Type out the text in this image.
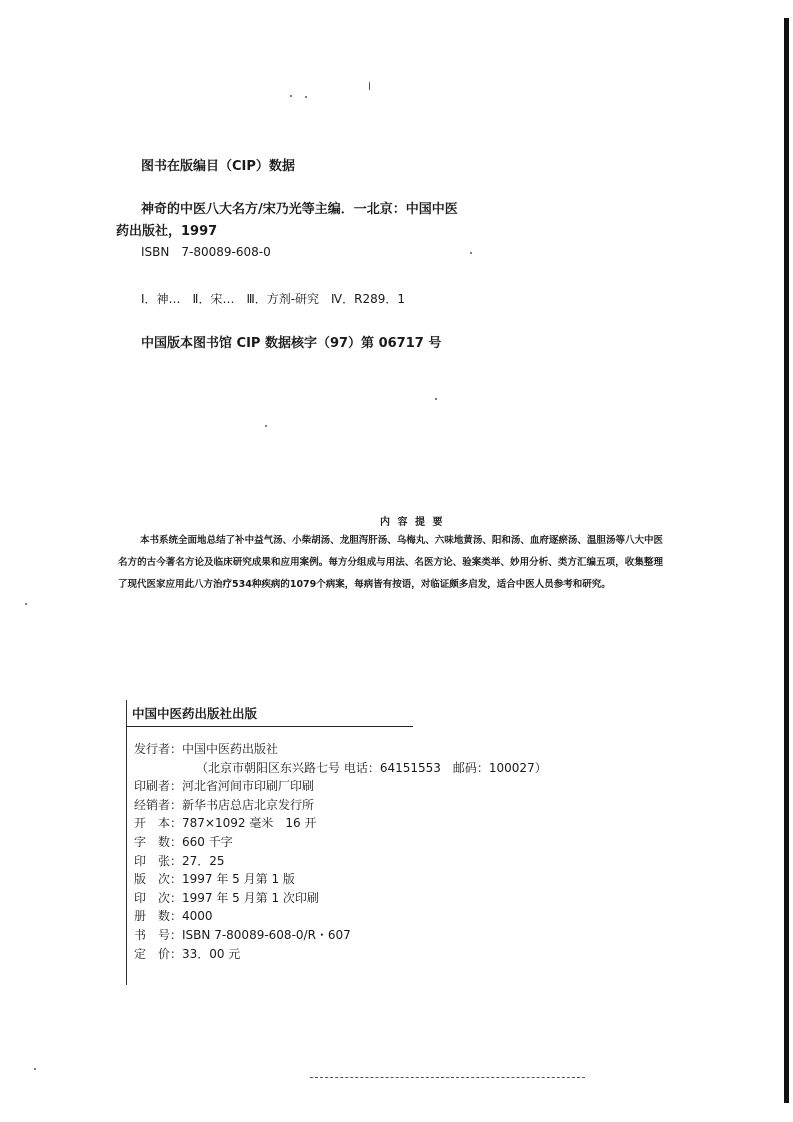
图书在版编目（CIP）数据
神奇的中医八大名方/宋乃光等主编．一北京：中国中医
药出版社，1997
ISBN　7-80089-608-0
Ⅰ．神…　Ⅱ．宋…　Ⅲ．方剂-研究　Ⅳ．R289．1
中国版本图书馆 CIP 数据核字（97）第 06717 号
内 容 提 要
本书系统全面地总结了补中益气汤、小柴胡汤、龙胆泻肝汤、乌梅丸、六味地黄汤、阳和汤、血府逐瘀汤、温胆汤等八大中医名方的古今著名方论及临床研究成果和应用案例。每方分组成与用法、名医方论、验案类举、妙用分析、类方汇编五项，收集整理了现代医家应用此八方治疗534种疾病的1079个病案，每病皆有按语，对临证颇多启发，适合中医人员参考和研究。
中国中医药出版社出版
发行者：中国中医药出版社
（北京市朝阳区东兴路七号 电话：64151553　邮码：100027）
印刷者：河北省河间市印刷厂印刷
经销者：新华书店总店北京发行所
开　本：787×1092 毫米　16 开
字　数：660 千字
印　张：27．25
版　次：1997 年 5 月第 1 版
印　次：1997 年 5 月第 1 次印刷
册　数：4000
书　号：ISBN 7-80089-608-0/R・607
定　价：33．00 元
